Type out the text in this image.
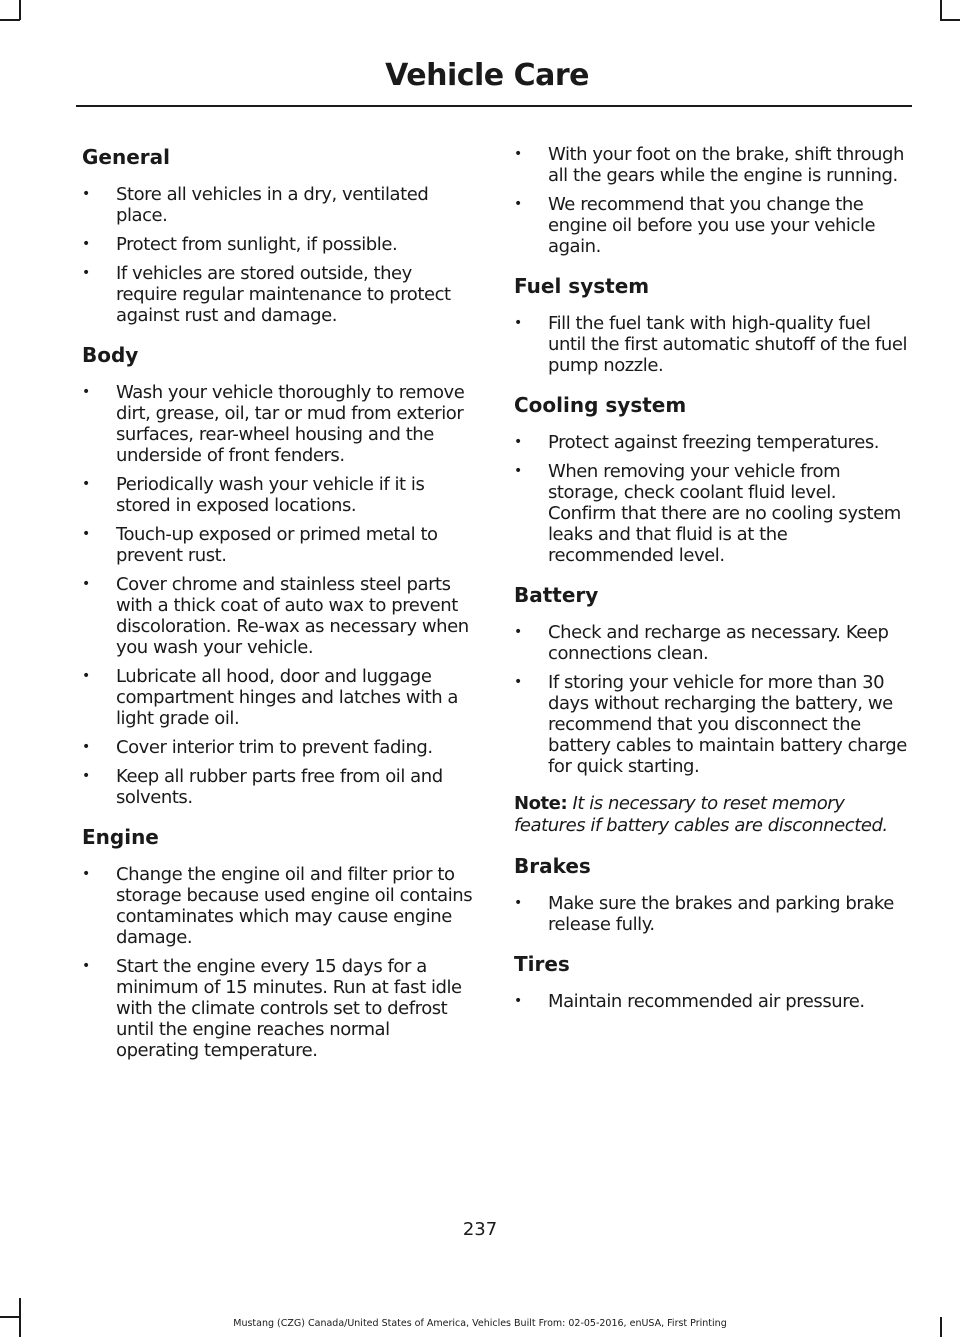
Vehicle Care
General
• Store all vehicles in a dry, ventilated place.
• Protect from sunlight, if possible.
• If vehicles are stored outside, they require regular maintenance to protect against rust and damage.
Body
• Wash your vehicle thoroughly to remove dirt, grease, oil, tar or mud from exterior surfaces, rear-wheel housing and the underside of front fenders.
• Periodically wash your vehicle if it is stored in exposed locations.
• Touch-up exposed or primed metal to prevent rust.
• Cover chrome and stainless steel parts with a thick coat of auto wax to prevent discoloration. Re-wax as necessary when you wash your vehicle.
• Lubricate all hood, door and luggage compartment hinges and latches with a light grade oil.
• Cover interior trim to prevent fading.
• Keep all rubber parts free from oil and solvents.
Engine
• Change the engine oil and filter prior to storage because used engine oil contains contaminates which may cause engine damage.
• Start the engine every 15 days for a minimum of 15 minutes. Run at fast idle with the climate controls set to defrost until the engine reaches normal operating temperature.
• With your foot on the brake, shift through all the gears while the engine is running.
• We recommend that you change the engine oil before you use your vehicle again.
Fuel system
• Fill the fuel tank with high-quality fuel until the first automatic shutoff of the fuel pump nozzle.
Cooling system
• Protect against freezing temperatures.
• When removing your vehicle from storage, check coolant fluid level. Confirm that there are no cooling system leaks and that fluid is at the recommended level.
Battery
• Check and recharge as necessary. Keep connections clean.
• If storing your vehicle for more than 30 days without recharging the battery, we recommend that you disconnect the battery cables to maintain battery charge for quick starting.

Note: It is necessary to reset memory features if battery cables are disconnected.

Brakes
• Make sure the brakes and parking brake release fully.
Tires
• Maintain recommended air pressure.
237
Mustang (CZG) Canada/United States of America, Vehicles Built From: 02-05-2016, enUSA, First Printing
